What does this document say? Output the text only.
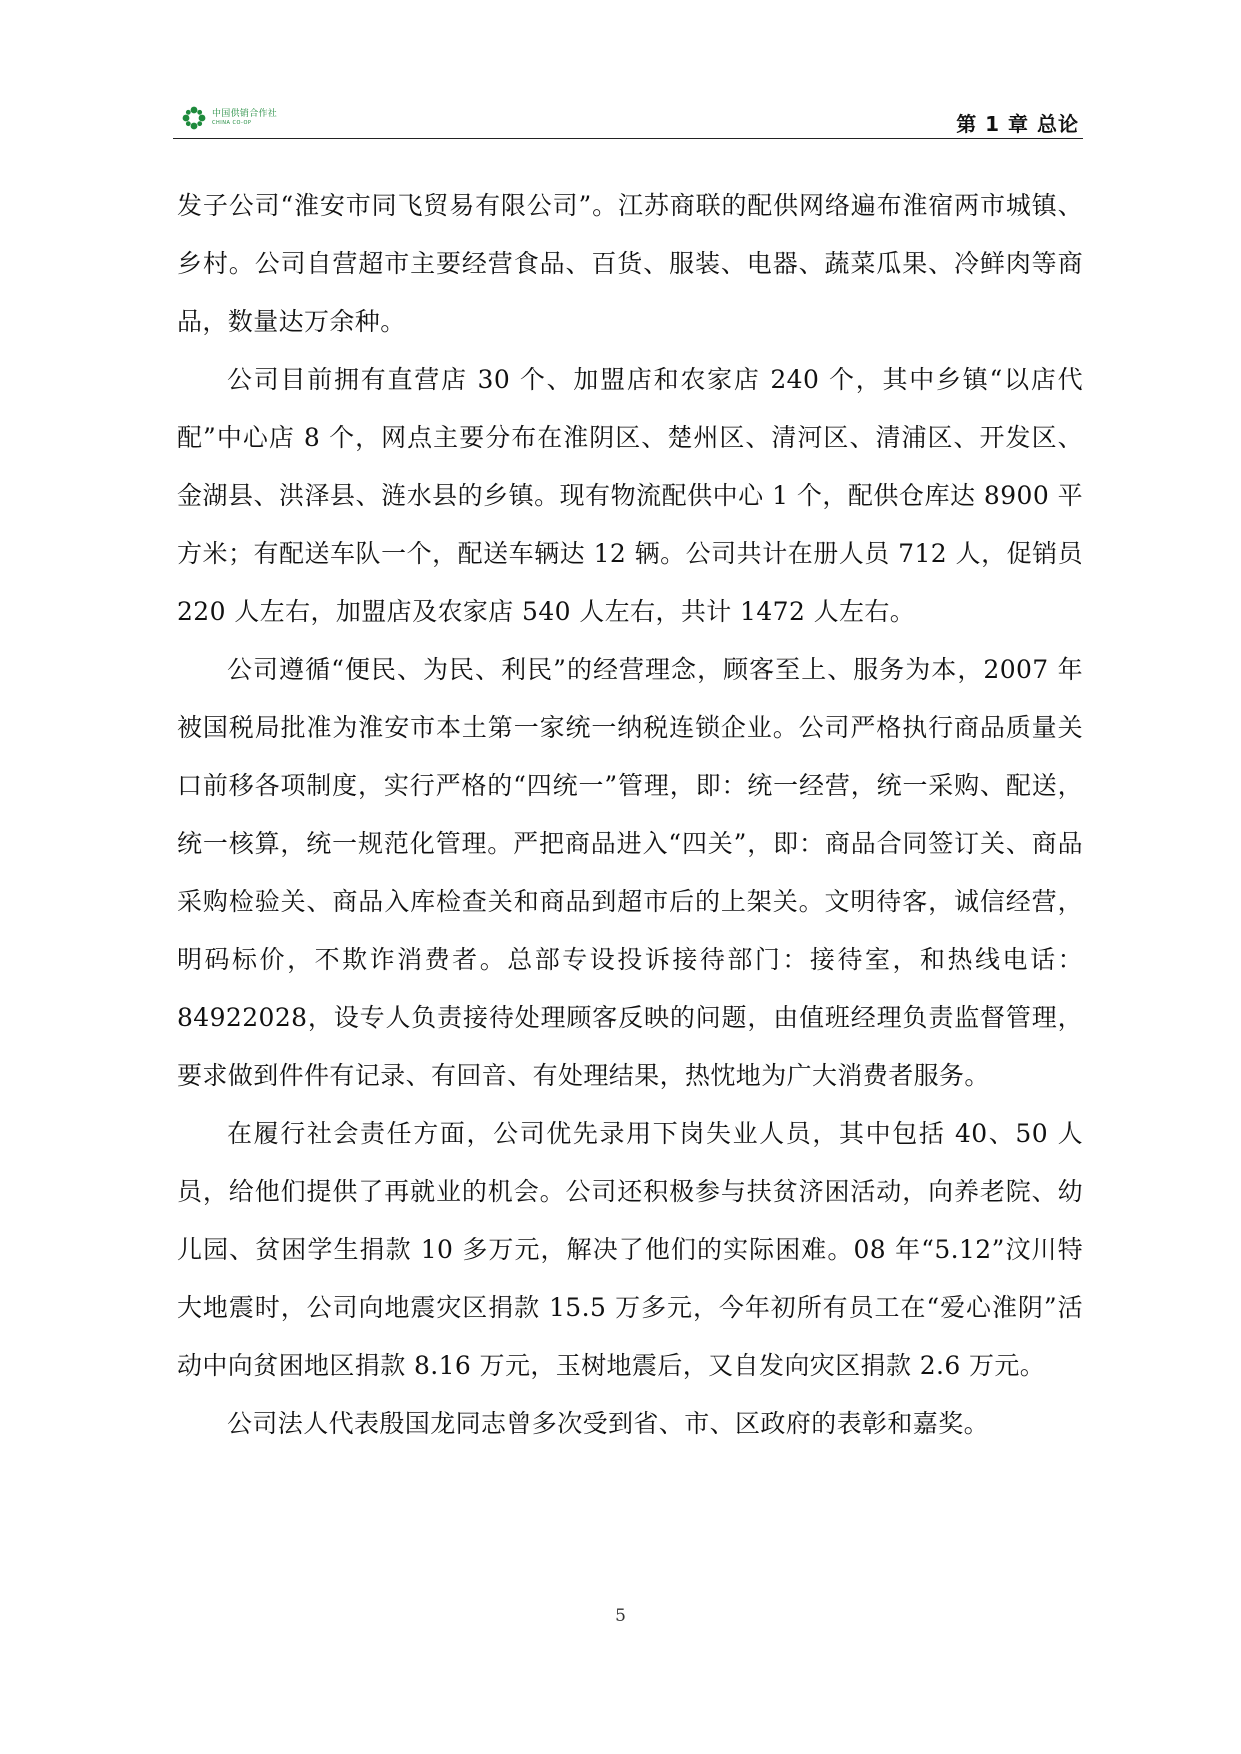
中国供销合作社
CHINA CO-OP	第 1 章 总论

发子公司“淮安市同飞贸易有限公司”。江苏商联的配供网络遍布淮宿两市城镇、乡村。公司自营超市主要经营食品、百货、服装、电器、蔬菜瓜果、冷鲜肉等商品，数量达万余种。

公司目前拥有直营店 30 个、加盟店和农家店 240 个，其中乡镇“以店代配”中心店 8 个，网点主要分布在淮阴区、楚州区、清河区、清浦区、开发区、金湖县、洪泽县、涟水县的乡镇。现有物流配供中心 1 个，配供仓库达 8900 平方米；有配送车队一个，配送车辆达 12 辆。公司共计在册人员 712 人，促销员 220 人左右，加盟店及农家店 540 人左右，共计 1472 人左右。

公司遵循“便民、为民、利民”的经营理念，顾客至上、服务为本，2007 年被国税局批准为淮安市本土第一家统一纳税连锁企业。公司严格执行商品质量关口前移各项制度，实行严格的“四统一”管理，即：统一经营，统一采购、配送，统一核算，统一规范化管理。严把商品进入“四关”，即：商品合同签订关、商品采购检验关、商品入库检查关和商品到超市后的上架关。文明待客，诚信经营，明码标价，不欺诈消费者。总部专设投诉接待部门：接待室，和热线电话：84922028，设专人负责接待处理顾客反映的问题，由值班经理负责监督管理，要求做到件件有记录、有回音、有处理结果，热忱地为广大消费者服务。

在履行社会责任方面，公司优先录用下岗失业人员，其中包括 40、50 人员，给他们提供了再就业的机会。公司还积极参与扶贫济困活动，向养老院、幼儿园、贫困学生捐款 10 多万元，解决了他们的实际困难。08 年“5.12”汶川特大地震时，公司向地震灾区捐款 15.5 万多元，今年初所有员工在“爱心淮阴”活动中向贫困地区捐款 8.16 万元，玉树地震后，又自发向灾区捐款 2.6 万元。

公司法人代表殷国龙同志曾多次受到省、市、区政府的表彰和嘉奖。

5
